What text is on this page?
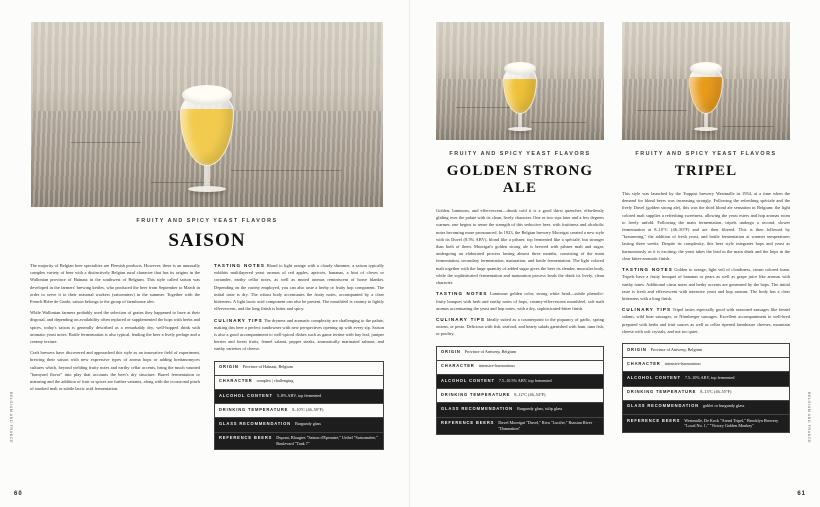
FRUITY AND SPICY YEAST FLAVORS
SAISON

The majority of Belgian beer specialties are Flemish products. However, there is an unusually complex variety of beer with a distinctively Belgian rural character that has its origins in the Wallonian province of Hainaut in the southwest of Belgium. This style called saison was developed in the farmers' brewing kettles, who produced the beer from September to March in order to serve it to their seasonal workers (saisonniers) in the summer. Together with the French Bière de Garde, saison belongs to the group of farmhouse ales.

While Wallonian farmers probably used the selection of grains they happened to have at their disposal, and depending on availability often replaced or supplemented the hops with herbs and spices, today's saison is generally described as a remarkably dry, well-hopped drink with aromatic yeast notes. Bottle fermentation is also typical, lending the beer a lively perlage and a creamy texture.

Craft brewers have discovered and approached this style as an innovative field of experiment, brewing their saison with new expressive types of aroma hops or adding brettanomyces cultures which, beyond yielding fruity notes and earthy cellar accents, bring the much vaunted "barnyard flavor" into play that accounts the beer's dry structure. Barrel fermentation or maturing and the addition of fruit or spices are further variants, along with the occasional pinch of smoked malt or subtle lactic acid fermentation.

TASTING NOTES Blond to light orange with a cloudy shimmer, a saison typically exhibits multilayered yeast aromas of red apples, apricots, bananas, a hint of cloves or coriander, earthy cellar notes, as well as muted aromas reminiscent of horse blanket. Depending on the variety employed, you can also taste a herby or fruity hop component. The initial taste is dry. The robust body accentuates the fruity notes, accompanied by a clear bitterness. A light lactic acid component can also be present. The mouthfeel is creamy to lightly effervescent, and the long finish is bitter and spicy.

CULINARY TIPS The dryness and aromatic complexity are challenging to the palate, making this beer a perfect sundowner with new perspectives opening up with every sip. Saison is also a good accompaniment to well-spiced dishes such as game terrine with bay leaf, juniper berries and forest fruits, fennel salami, pepper steaks, aromatically marinated salmon, and earthy varieties of cheese.

ORIGIN Province of Hainaut, Belgium
CHARACTER complex | challenging
ALCOHOL CONTENT 5–8% ABV, top fermented
DRINKING TEMPERATURE 8–10°C (46–50°F)
GLASS RECOMMENDATION Burgundy glass
REFERENCE BEERS Dupont, Blaugies "Saison d'Epeautre," Urthel "Saisonnière," Boulevard "Tank 7"
BELGIUM AND FRANCE
60
FRUITY AND SPICY YEAST FLAVORS
GOLDEN STRONG ALE

Golden, luminous, and effervescent—drunk cold it is a good thirst quencher, effortlessly gliding over the palate with its clean, lively character. One or two sips later and a few degrees warmer, one begins to sense the strength of this seductive beer, with fruitiness and alcoholic notes becoming more pronounced. In 1923, the Belgian brewery Moortgat created a new style with its Duvel (8.5% ABV), blond like a pilsner, top fermented like a spécialé, but stronger than both of them. Moortgat's golden strong ale is brewed with pilsner malt and sugar, undergoing an elaborated process lasting almost three months, consisting of the main fermentation, secondary fermentation, maturation, and bottle fermentation. The light colored malt together with the large quantity of added sugar gives the beer its slender, muscular body, while the sophisticated fermentation and maturation process lends the drink its lively, clean character.

TASTING NOTES Luminous golden color, strong white head—subtle phenolic-fruity bouquet with herb and earthy notes of hops, creamy-effervescent mouthfeel, soft malt aromas accentuating the yeast and hop notes, with a dry, sophisticated-bitter finish.

CULINARY TIPS Ideally suited as a counterpoint to the piquancy of garlic, spring onions, or pesto. Delicious with fish, seafood, and hearty salads garnished with ham, tuna fish, or poultry.

ORIGIN Province of Antwerp, Belgium
CHARACTER intensive-harmonious
ALCOHOL CONTENT 7.5–10.5% ABV, top fermented
DRINKING TEMPERATURE 8–12°C (46–54°F)
GLASS RECOMMENDATION Burgundy glass, tulip glass
REFERENCE BEERS Duvel Moortgat "Duvel," Riva "Lucifer," Russian River "Damnation"
FRUITY AND SPICY YEAST FLAVORS
TRIPEL

This style was launched by the Trappist brewery Westmalle in 1934, at a time when the demand for blond beers was increasing strongly. Following the refreshing spéciale and the lively Duvel (golden strong ale), this was the third blond ale sensation in Belgium: the light colored malt supplies a refreshing sweetness, allowing the yeast esters and hop aromas room to freely unfold. Following the main fermentation, tripels undergo a second, slower fermentation at 8–10°C (46–50°F) and are then filtered. This is then followed by "krausening," the addition of fresh yeast, and bottle fermentation at warmer temperatures lasting three weeks. Despite its complexity, this beer style integrates hops and yeast as harmoniously as it is exciting: the yeast takes the lead in the main drink and the hops in the clear bitter-aromatic finish.

TASTING NOTES Golden to orange, light veil of cloudiness, cream colored foam. Tripels have a fruity bouquet of bananas or pears as well as grape juice like aromas with earthy tones. Additional citrus notes and herby accents are generated by the hops. The initial taste is fresh and effervescent with intensive yeast and hop aromas. The body has a clear bitterness with a long finish.

CULINARY TIPS Tripel tastes especially good with seasoned sausages like fennel salami, wild boar sausages, or Nürnberger sausages. Excellent accompaniment to well-bred prepared with herbs and fruit sauces as well as cellar ripened farmhouse cheeses, mountain cheese with soft crystals, and not too quiet.

ORIGIN Province of Antwerp, Belgium
CHARACTER intensive-harmonious
ALCOHOL CONTENT 7.5–10% ABV, top fermented
DRINKING TEMPERATURE 8–13°C (46–55°F)
GLASS RECOMMENDATION goblet or burgundy glass
REFERENCE BEERS Westmalle, De Kock "Arend Tripel," Brooklyn Brewery "Local No. 1," "Victory Golden Monkey"	BELGIUM AND FRANCE
61
